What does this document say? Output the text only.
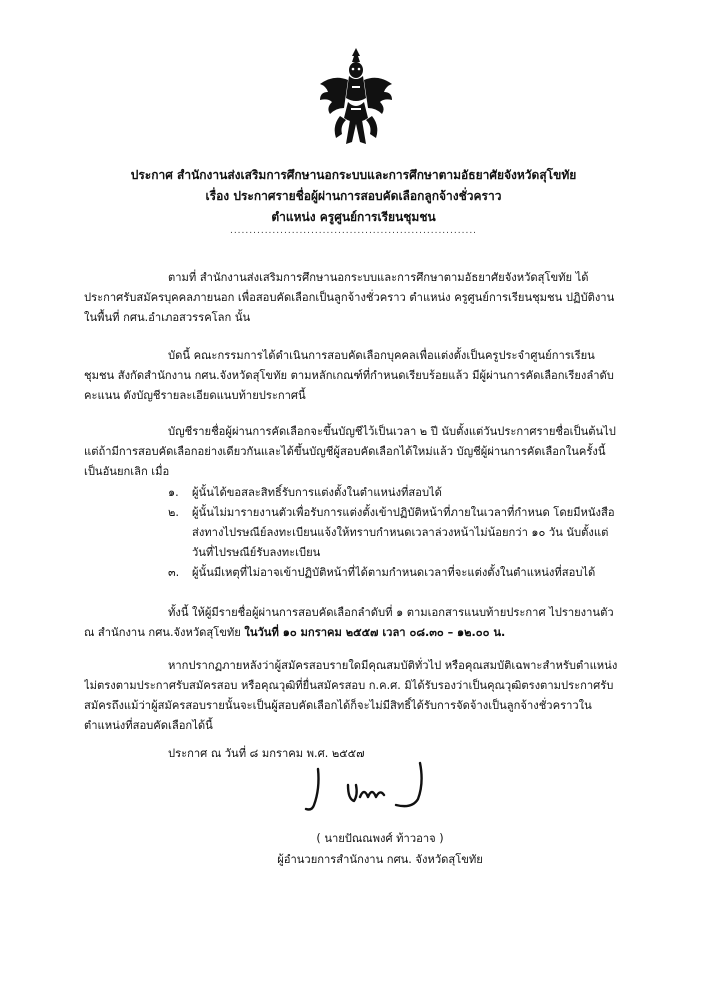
ประกาศ สำนักงานส่งเสริมการศึกษานอกระบบและการศึกษาตามอัธยาศัยจังหวัดสุโขทัย
เรื่อง ประกาศรายชื่อผู้ผ่านการสอบคัดเลือกลูกจ้างชั่วคราว
ตำแหน่ง ครูศูนย์การเรียนชุมชน
................................................................
ตามที่ สำนักงานส่งเสริมการศึกษานอกระบบและการศึกษาตามอัธยาศัยจังหวัดสุโขทัย ได้
ประกาศรับสมัครบุคคลภายนอก เพื่อสอบคัดเลือกเป็นลูกจ้างชั่วคราว ตำแหน่ง ครูศูนย์การเรียนชุมชน ปฏิบัติงาน
ในพื้นที่ กศน.อำเภอสวรรคโลก นั้น
บัดนี้ คณะกรรมการได้ดำเนินการสอบคัดเลือกบุคคลเพื่อแต่งตั้งเป็นครูประจำศูนย์การเรียน
ชุมชน สังกัดสำนักงาน กศน.จังหวัดสุโขทัย ตามหลักเกณฑ์ที่กำหนดเรียบร้อยแล้ว มีผู้ผ่านการคัดเลือกเรียงลำดับ
คะแนน ดังบัญชีรายละเอียดแนบท้ายประกาศนี้
บัญชีรายชื่อผู้ผ่านการคัดเลือกจะขึ้นบัญชีไว้เป็นเวลา ๒ ปี นับตั้งแต่วันประกาศรายชื่อเป็นต้นไป
แต่ถ้ามีการสอบคัดเลือกอย่างเดียวกันและได้ขึ้นบัญชีผู้สอบคัดเลือกได้ใหม่แล้ว บัญชีผู้ผ่านการคัดเลือกในครั้งนี้
เป็นอันยกเลิก เมื่อ
๑. ผู้นั้นได้ขอสละสิทธิ์รับการแต่งตั้งในตำแหน่งที่สอบได้
๒. ผู้นั้นไม่มารายงานตัวเพื่อรับการแต่งตั้งเข้าปฏิบัติหน้าที่ภายในเวลาที่กำหนด โดยมีหนังสือ
ส่งทางไปรษณีย์ลงทะเบียนแจ้งให้ทราบกำหนดเวลาล่วงหน้าไม่น้อยกว่า ๑๐ วัน นับตั้งแต่
วันที่ไปรษณีย์รับลงทะเบียน
๓. ผู้นั้นมีเหตุที่ไม่อาจเข้าปฏิบัติหน้าที่ได้ตามกำหนดเวลาที่จะแต่งตั้งในตำแหน่งที่สอบได้
ทั้งนี้ ให้ผู้มีรายชื่อผู้ผ่านการสอบคัดเลือกลำดับที่ ๑ ตามเอกสารแนบท้ายประกาศ ไปรายงานตัว
ณ สำนักงาน กศน.จังหวัดสุโขทัย ในวันที่ ๑๐ มกราคม ๒๕๕๗ เวลา ๐๘.๓๐ – ๑๒.๐๐ น.
หากปรากฏภายหลังว่าผู้สมัครสอบรายใดมีคุณสมบัติทั่วไป หรือคุณสมบัติเฉพาะสำหรับตำแหน่ง
ไม่ตรงตามประกาศรับสมัครสอบ หรือคุณวุฒิที่ยื่นสมัครสอบ ก.ค.ศ. มิได้รับรองว่าเป็นคุณวุฒิตรงตามประกาศรับ
สมัครถึงแม้ว่าผู้สมัครสอบรายนั้นจะเป็นผู้สอบคัดเลือกได้ก็จะไม่มีสิทธิ์ได้รับการจัดจ้างเป็นลูกจ้างชั่วคราวใน
ตำแหน่งที่สอบคัดเลือกได้นี้
ประกาศ ณ วันที่ ๘ มกราคม พ.ศ. ๒๕๕๗
( นายปัณณพงศ์ ท้าวอาจ )
ผู้อำนวยการสำนักงาน กศน. จังหวัดสุโขทัย
